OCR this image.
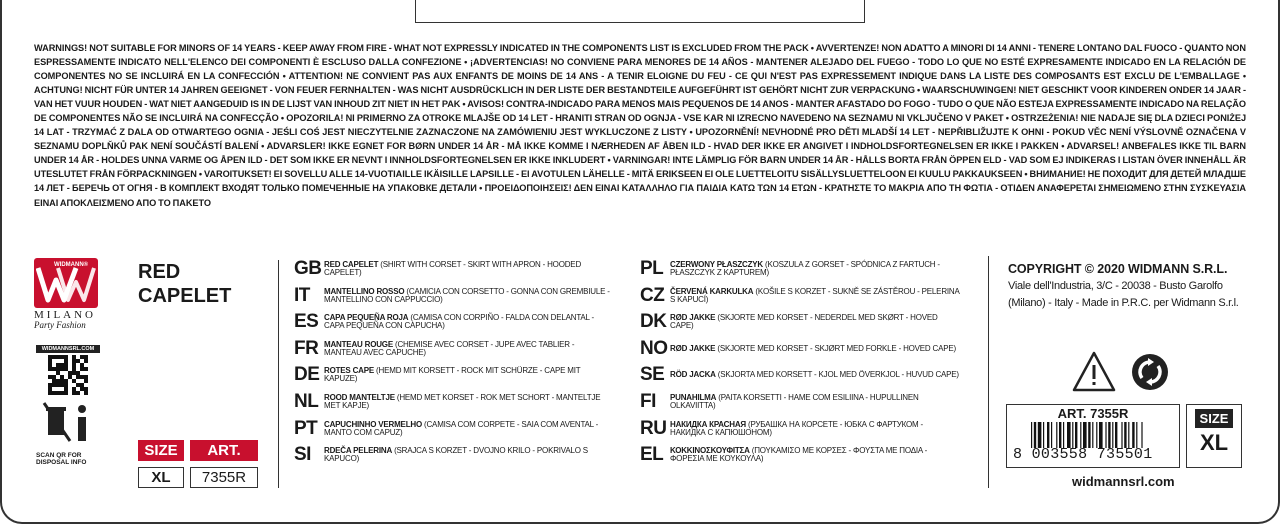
WARNINGS! NOT SUITABLE FOR MINORS OF 14 YEARS - KEEP AWAY FROM FIRE - WHAT NOT EXPRESSLY INDICATED IN THE COMPONENTS LIST IS EXCLUDED FROM THE PACK • AVVERTENZE! NON ADATTO A MINORI DI 14 ANNI - TENERE LONTANO DAL FUOCO - QUANTO NON ESPRESSAMENTE INDICATO NELL'ELENCO DEI COMPONENTI È ESCLUSO DALLA CONFEZIONE • ¡ADVERTENCIAS! NO CONVIENE PARA MENORES DE 14 AÑOS - MANTENER ALEJADO DEL FUEGO - TODO LO QUE NO ESTÉ EXPRESAMENTE INDICADO EN LA RELACIÓN DE COMPONENTES NO SE INCLUIRÁ EN LA CONFECCIÓN • ATTENTION! NE CONVIENT PAS AUX ENFANTS DE MOINS DE 14 ANS - A TENIR ELOIGNE DU FEU - CE QUI N'EST PAS EXPRESSEMENT INDIQUE DANS LA LISTE DES COMPOSANTS EST EXCLU DE L'EMBALLAGE • ACHTUNG! NICHT FÜR UNTER 14 JAHREN GEEIGNET - VON FEUER FERNHALTEN - WAS NICHT AUSDRÜCKLICH IN DER LISTE DER BESTANDTEILE AUFGEFÜHRT IST GEHÖRT NICHT ZUR VERPACKUNG • WAARSCHUWINGEN! NIET GESCHIKT VOOR KINDEREN ONDER 14 JAAR - VAN HET VUUR HOUDEN - WAT NIET AANGEDUID IS IN DE LIJST VAN INHOUD ZIT NIET IN HET PAK • AVISOS! CONTRA-INDICADO PARA MENOS MAIS PEQUENOS DE 14 ANOS - MANTER AFASTADO DO FOGO - TUDO O QUE NÃO ESTEJA EXPRESSAMENTE INDICADO NA RELAÇÃO DE COMPONENTES NÃO SE INCLUIRÁ NA CONFECÇÃO • OPOZORILA! NI PRIMERNO ZA OTROKE MLAJŠE OD 14 LET - HRANITI STRAN OD OGNJA - VSE KAR NI IZRECNO NAVEDENO NA SEZNAMU NI VKLJUČENO V PAKET • OSTRZEŻENIA! NIE NADAJE SIĘ DLA DZIECI PONIŻEJ 14 LAT - TRZYMAĆ Z DALA OD OTWARTEGO OGNIA - JEŚLI COŚ JEST NIECZYTELNIE ZAZNACZONE NA ZAMÓWIENIU JEST WYKLUCZONE Z LISTY • UPOZORNĚNÍ! NEVHODNÉ PRO DĚTI MLADŠÍ 14 LET - NEPŘIBLIŽUJTE K OHNI - POKUD VĚC NENÍ VÝSLOVNĚ OZNAČENA V SEZNAMU DOPLŇKŮ PAK NENÍ SOUČÁSTÍ BALENÍ • ADVARSLER! IKKE EGNET FOR BØRN UNDER 14 ÅR - MÅ IKKE KOMME I NÆRHEDEN AF ÅBEN ILD - HVAD DER IKKE ER ANGIVET I INDHOLDSFORTEGNELSEN ER IKKE I PAKKEN • ADVARSEL! ANBEFALES IKKE TIL BARN UNDER 14 ÅR - HOLDES UNNA VARME OG ÅPEN ILD - DET SOM IKKE ER NEVNT I INNHOLDSFORTEGNELSEN ER IKKE INKLUDERT • VARNINGAR! INTE LÄMPLIG FÖR BARN UNDER 14 ÅR - HÅLLS BORTA FRÅN ÖPPEN ELD - VAD SOM EJ INDIKERAS I LISTAN ÖVER INNEHÅLL ÄR UTESLUTET FRÅN FÖRPACKNINGEN • VAROITUKSET! EI SOVELLU ALLE 14-VUOTIAILLE IKÄISILLE LAPSILLE - EI AVOTULEN LÄHELLE - MITÄ ERIKSEEN EI OLE LUETTELOITU SISÄLLYSLUETTELOON EI KUULU PAKKAUKSEEN • ВНИМАНИЕ! НЕ ПОХОДИТ ДЛЯ ДЕТЕЙ МЛАДШЕ 14 ЛЕТ - БЕРЕЧЬ ОТ ОГНЯ - В КОМПЛЕКТ ВХОДЯТ ТОЛЬКО ПОМЕЧЕННЫЕ НА УПАКОВКЕ ДЕТАЛИ • ΠΡΟΕΙΔΟΠΟΙΗΣΕΙΣ! ΔΕΝ ΕΙΝΑΙ ΚΑΤΑΛΛΗΛΟ ΓΙΑ ΠΑΙΔΙΑ ΚΑΤΩ ΤΩΝ 14 ΕΤΩΝ - ΚΡΑΤΗΣΤΕ ΤΟ ΜΑΚΡΙΑ ΑΠΟ ΤΗ ΦΩΤΙΑ - ΟΤΙΔΕΝ ΑΝΑΦΕΡΕΤΑΙ ΣΗΜΕΙΩΜΕΝΟ ΣΤΗΝ ΣΥΣΚΕΥΑΣΙΑ ΕΙΝΑΙ ΑΠΟΚΛΕΙΣΜΕΝΟ ΑΠΟ ΤΟ ΠΑΚΕΤΟ
WIDMANN®
MILANO
Party Fashion
WIDMANNSRL.COM
SCAN QR FOR DISPOSAL INFO
RED
CAPELET
SIZE	ART.
XL	7355R
GB RED CAPELET (SHIRT WITH CORSET - SKIRT WITH APRON - HOODED CAPELET)
IT	MANTELLINO ROSSO (CAMICIA CON CORSETTO - GONNA CON GREMBIULE - MANTELLINO CON CAPPUCCIO)
ES CAPA PEQUEÑA ROJA (CAMISA CON CORPIÑO - FALDA CON DELANTAL - CAPA PEQUEÑA CON CAPUCHA)
FR MANTEAU ROUGE (CHEMISE AVEC CORSET - JUPE AVEC TABLIER - MANTEAU AVEC CAPUCHE)
DE ROTES CAPE (HEMD MIT KORSETT - ROCK MIT SCHÜRZE - CAPE MIT KAPUZE)
NL ROOD MANTELTJE (HEMD MET KORSET - ROK MET SCHORT - MANTELTJE MET KAPJE)
PT CAPUCHINHO VERMELHO (CAMISA COM CORPETE - SAIA COM AVENTAL - MANTO COM CAPUZ)
SI	RDEČA PELERINA (SRAJCA S KORZET - DVOJNO KRILO - POKRIVALO S KAPUCO)
PL CZERWONY PŁASZCZYK (KOSZULA Z GORSET - SPÓDNICA Z FARTUCH - PŁASZCZYK Z KAPTUREM)
CZ ČERVENÁ KARKULKA (KOŠILE S KORZET - SUKNĚ SE ZÁSTĚROU - PELERINA S KAPUCÍ)
DK RØD JAKKE (SKJORTE MED KORSET - NEDERDEL MED SKØRT - HOVED CAPE)
NO RØD JAKKE (SKJORTE MED KORSET - SKJØRT MED FORKLE - HOVED CAPE)
SE RÖD JACKA (SKJORTA MED KORSETT - KJOL MED ÖVERKJOL - HUVUD CAPE)
FI	PUNAHILMA (PAITA KORSETTI - HAME COM ESILIINA - HUPULLINEN OLKAVIITTA)
RU НАКИДКА КРАСНАЯ (РУБАШКА НА КОРСЕТЕ - ЮБКА С ФАРТУКОМ - НАКИДКА С КАПЮШОНОМ)
EL ΚΟΚΚΙΝΟΣΚΟΥΦΙΤΣΑ (ΠΟΥΚΑΜΙΣΟ ΜΕ ΚΟΡΣΕΣ - ΦΟΥΣΤΑ ΜΕ ΠΟΔΙΑ - ΦΟΡΕΣΙΑ ΜΕ ΚΟΥΚΟΥΛΑ)
COPYRIGHT © 2020 WIDMANN S.R.L.
Viale dell'Industria, 3/C - 20038 - Busto Garolfo (Milano) - Italy - Made in P.R.C. per Widmann S.r.l.
ART. 7355R
8 003558 735501
SIZE
XL
widmannsrl.com
